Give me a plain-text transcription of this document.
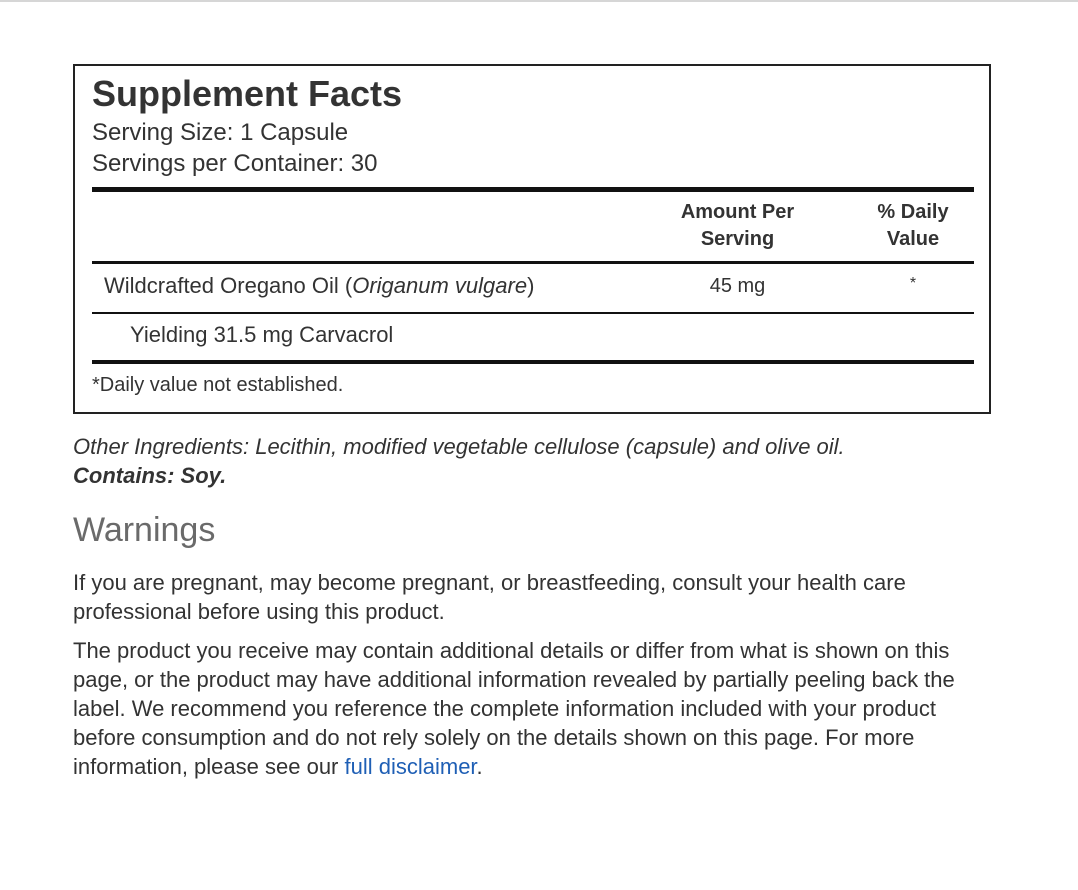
Supplement Facts
Serving Size: 1 Capsule
Servings per Container: 30
Amount Per
Serving
% Daily
Value
Wildcrafted Oregano Oil (Origanum vulgare)	45 mg	*
Yielding 31.5 mg Carvacrol
*Daily value not established.
Other Ingredients: Lecithin, modified vegetable cellulose (capsule) and olive oil.
Contains: Soy.
Warnings

If you are pregnant, may become pregnant, or breastfeeding, consult your health care professional before using this product.

The product you receive may contain additional details or differ from what is shown on this page, or the product may have additional information revealed by partially peeling back the label. We recommend you reference the complete information included with your product before consumption and do not rely solely on the details shown on this page. For more information, please see our full disclaimer.
